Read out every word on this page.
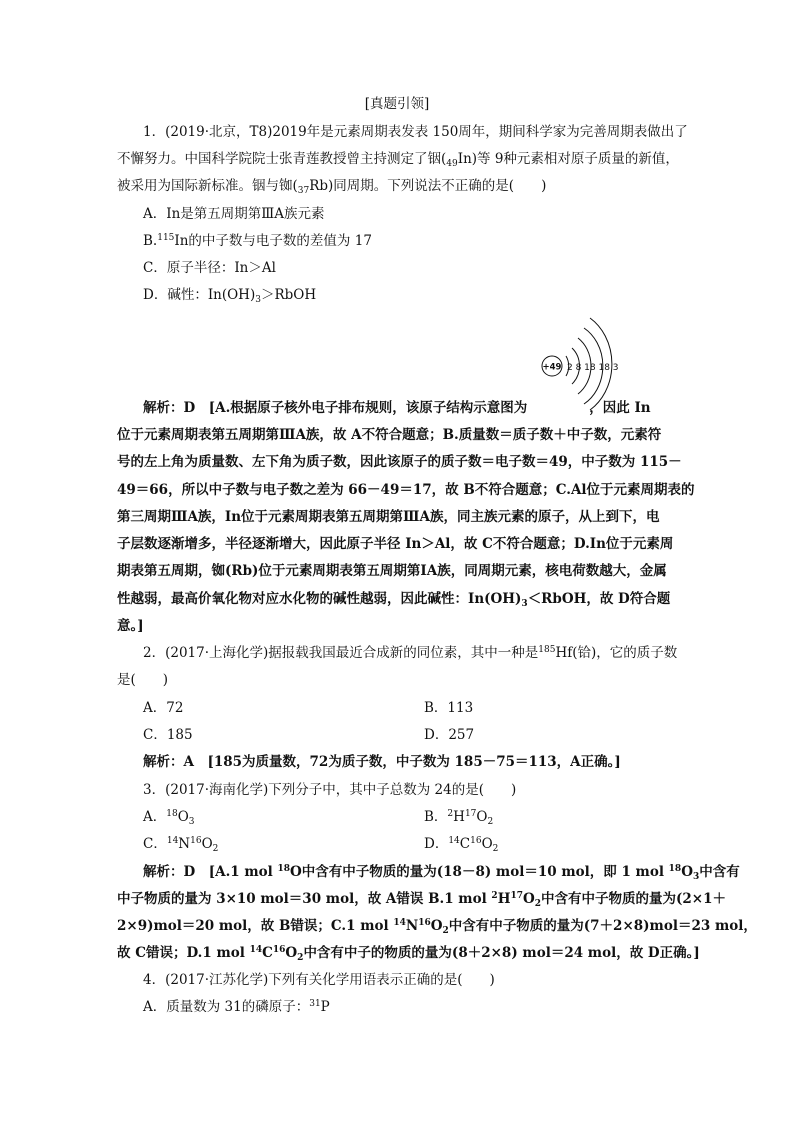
[真题引领]
1．(2019·北京，T8)2019年是元素周期表发表 150周年，期间科学家为完善周期表做出了
不懈努力。中国科学院院士张青莲教授曾主持测定了铟$(_{49}In)$等 9种元素相对原子质量的新值，
被采用为国际新标准。铟与铷$(_{37}Rb)$同周期。下列说法不正确的是(　　)
A．In是第五周期第ⅢA族元素
B.$^{115}$In的中子数与电子数的差值为 17
C．原子半径：In＞Al
D．碱性：$In(OH)_3>RbOH$
+49 2 8 18 18 3
解析：D　[A.根据原子核外电子排布规则，该原子结构示意图为	，因此 In
位于元素周期表第五周期第ⅢA族，故 A不符合题意；B.质量数＝质子数＋中子数，元素符
号的左上角为质量数、左下角为质子数，因此该原子的质子数＝电子数＝49，中子数为 115－
49＝66，所以中子数与电子数之差为 66－49＝17，故 B不符合题意；C.Al位于元素周期表的
第三周期ⅢA族，In位于元素周期表第五周期第ⅢA族，同主族元素的原子，从上到下，电
子层数逐渐增多，半径逐渐增大，因此原子半径 In＞Al，故 C不符合题意；D.In位于元素周
期表第五周期，铷(Rb)位于元素周期表第五周期第ⅠA族，同周期元素，核电荷数越大，金属
性越弱，最高价氧化物对应水化物的碱性越弱，因此碱性：$In(OH)_3<RbOH$，故 D符合题
意。]
2．(2017·上海化学)据报载我国最近合成新的同位素，其中一种是$^{185}$Hf(铪)，它的质子数
是(　　)
A．72	B．113
C．185	D．257
解析：A　[185为质量数，72为质子数，中子数为 185－75＝113，A正确。]
3．(2017·海南化学)下列分子中，其中子总数为 24的是(　　)
A．$^{18}O_3$	B．$^2H^{17}O_2$
C．$^{14}N^{16}O_2$	D．$^{14}C^{16}O_2$
解析：D　[A.1 mol $^{18}$O中含有中子物质的量为(18－8) mol＝10 mol，即 1 mol $^{18}O_3$中含有
中子物质的量为 3×10 mol＝30 mol，故 A错误 B.1 mol $^2H^{17}O_2$中含有中子物质的量为(2×1＋
2×9)mol＝20 mol，故 B错误；C.1 mol $^{14}N^{16}O_2$中含有中子物质的量为(7＋2×8)mol＝23 mol，
故 C错误；D.1 mol $^{14}C^{16}O_2$中含有中子的物质的量为(8＋2×8) mol＝24 mol，故 D正确。]
4．(2017·江苏化学)下列有关化学用语表示正确的是(　　)
A．质量数为 31的磷原子：$^{31}$P
